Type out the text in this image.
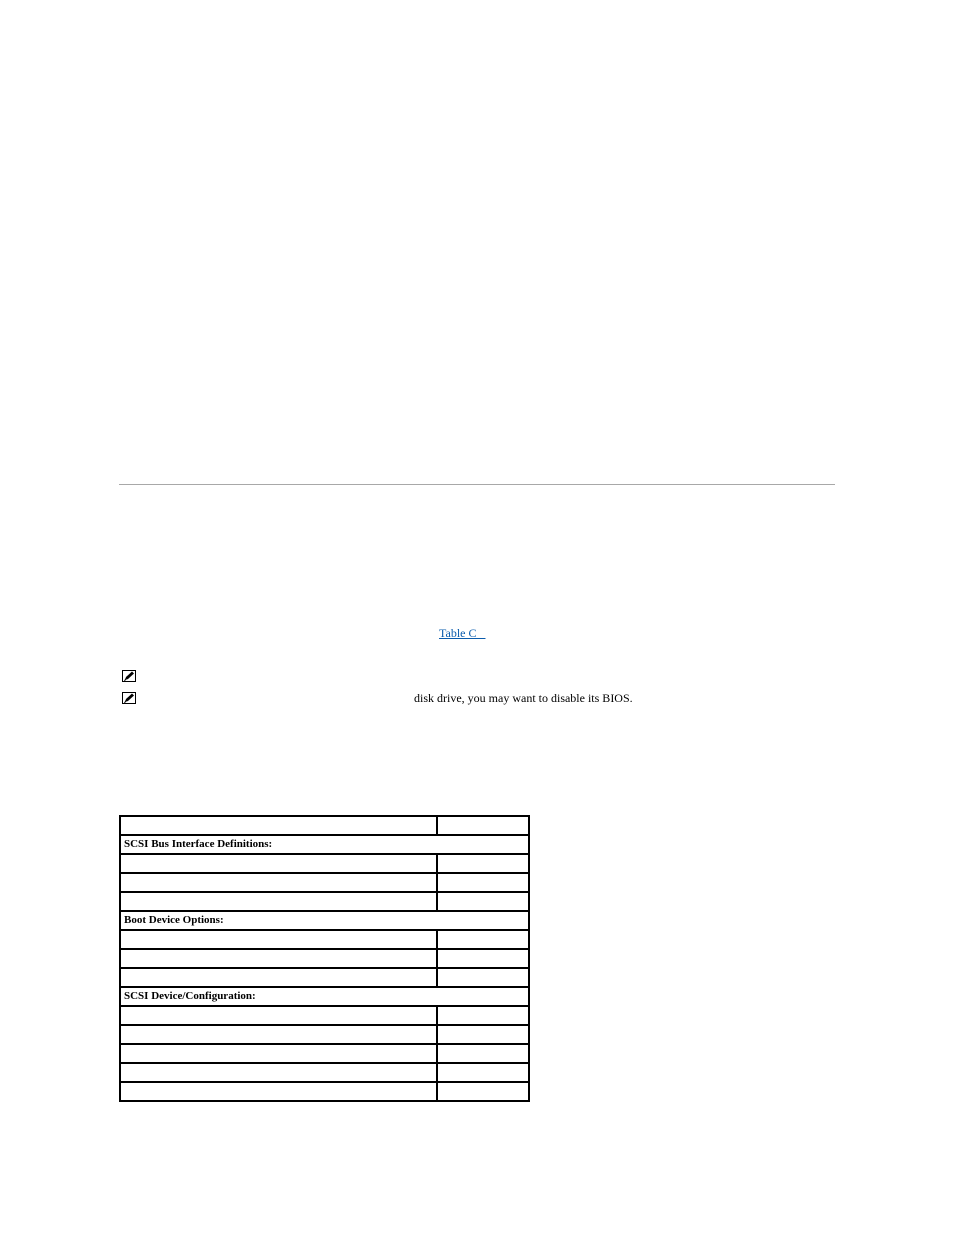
Table C
disk drive, you may want to disable its BIOS.

SCSI Bus Interface Definitions:	

Boot Device Options:	

SCSI Device/Configuration:	
